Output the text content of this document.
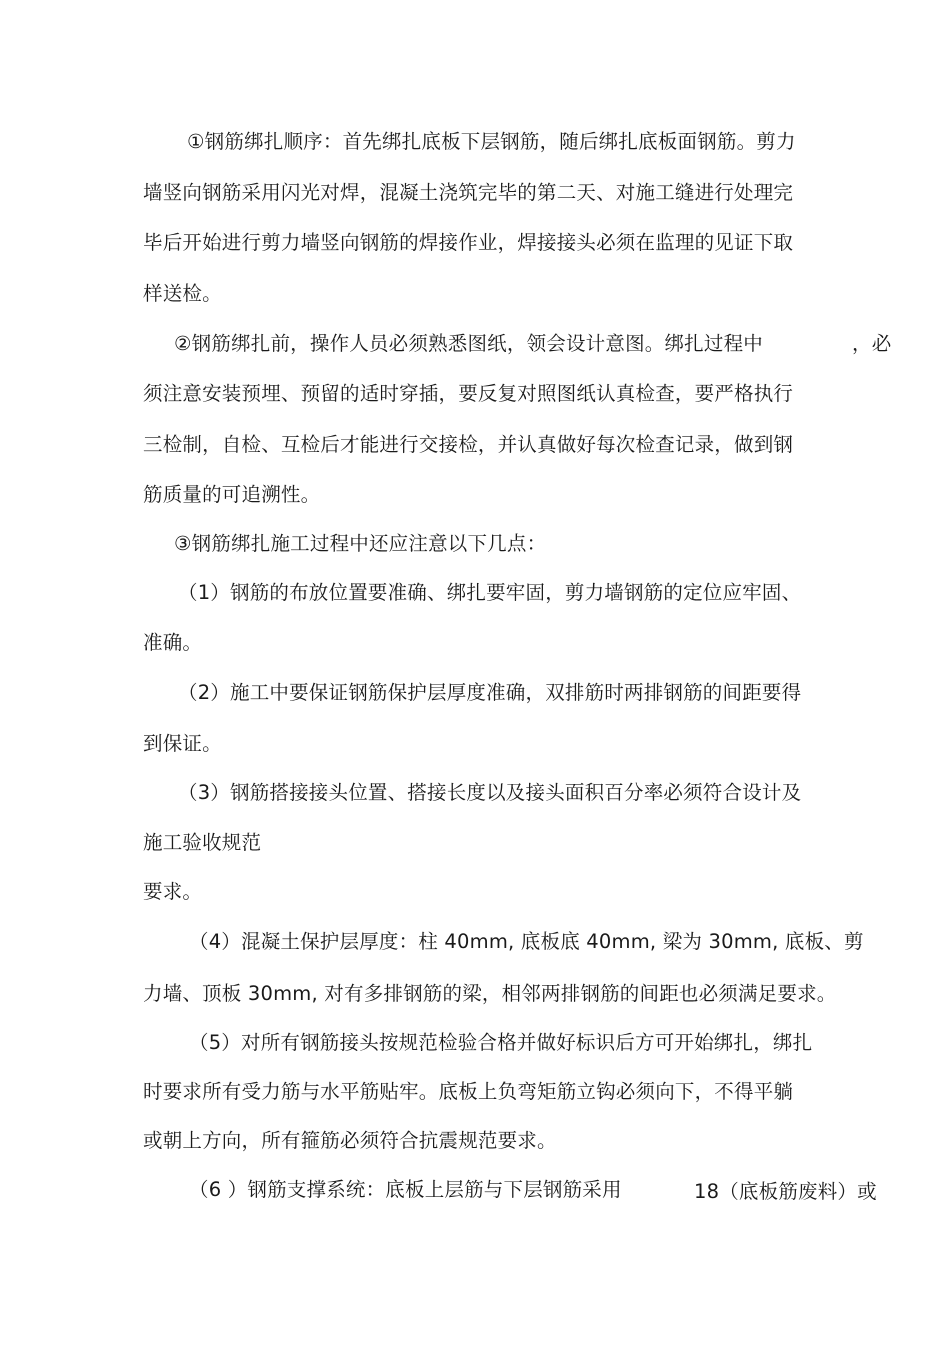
①钢筋绑扎顺序：首先绑扎底板下层钢筋，随后绑扎底板面钢筋。剪力
墙竖向钢筋采用闪光对焊，混凝土浇筑完毕的第二天、对施工缝进行处理完
毕后开始进行剪力墙竖向钢筋的焊接作业，焊接接头必须在监理的见证下取
样送检。
②钢筋绑扎前，操作人员必须熟悉图纸，领会设计意图。绑扎过程中	，必
须注意安装预埋、预留的适时穿插，要反复对照图纸认真检查，要严格执行
三检制，自检、互检后才能进行交接检，并认真做好每次检查记录，做到钢
筋质量的可追溯性。
③钢筋绑扎施工过程中还应注意以下几点：
（1）钢筋的布放位置要准确、绑扎要牢固，剪力墙钢筋的定位应牢固、
准确。
（2）施工中要保证钢筋保护层厚度准确，双排筋时两排钢筋的间距要得
到保证。
（3）钢筋搭接接头位置、搭接长度以及接头面积百分率必须符合设计及
施工验收规范
要求。
（4）混凝土保护层厚度：柱 40mm, 底板底 40mm, 梁为 30mm, 底板、剪
力墙、顶板 30mm, 对有多排钢筋的梁，相邻两排钢筋的间距也必须满足要求。
（5）对所有钢筋接头按规范检验合格并做好标识后方可开始绑扎，绑扎
时要求所有受力筋与水平筋贴牢。底板上负弯矩筋立钩必须向下，不得平躺
或朝上方向，所有箍筋必须符合抗震规范要求。
（6 ）钢筋支撑系统：底板上层筋与下层钢筋采用	18（底板筋废料）或
